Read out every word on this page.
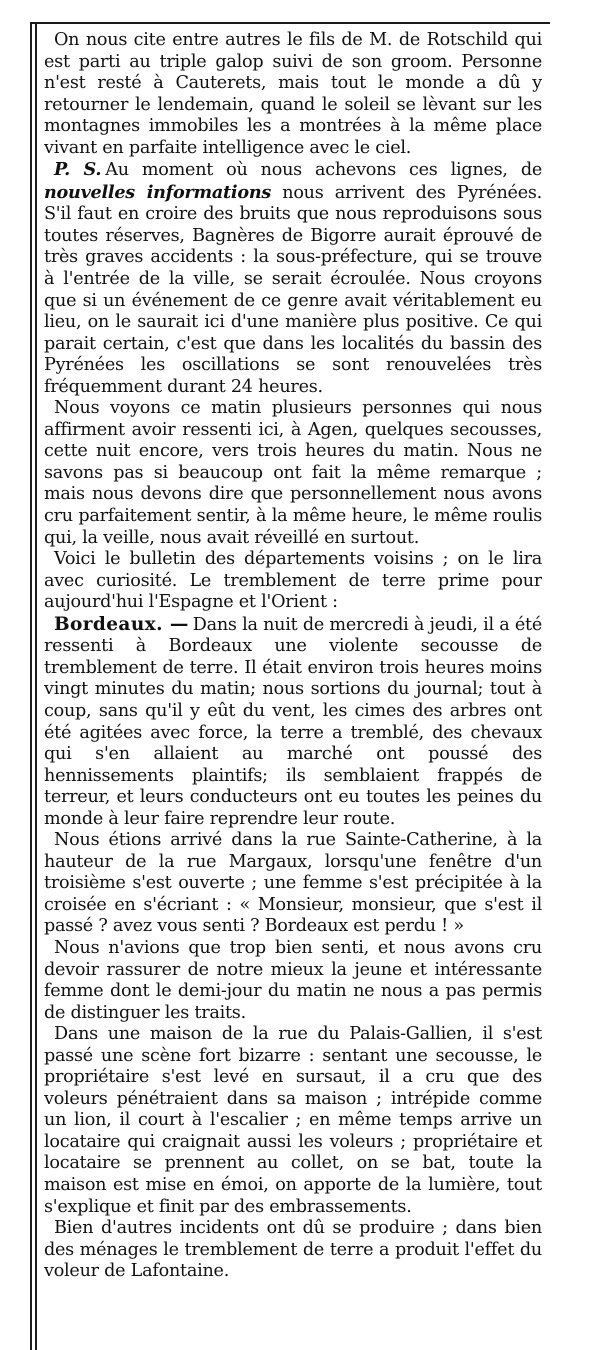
On nous cite entre autres le fils de M. de Rotschild qui est parti au triple galop suivi de son groom. Personne n'est resté à Cauterets, mais tout le monde a dû y retourner le lendemain, quand le soleil se lèvant sur les montagnes immobiles les a montrées à la même place vivant en parfaite intelligence avec le ciel.

P. S. Au moment où nous achevons ces lignes, de nouvelles informations nous arrivent des Pyrénées. S'il faut en croire des bruits que nous reproduisons sous toutes réserves, Bagnères de Bigorre aurait éprouvé de très graves accidents : la sous-préfecture, qui se trouve à l'entrée de la ville, se serait écroulée. Nous croyons que si un événement de ce genre avait véritablement eu lieu, on le saurait ici d'une manière plus positive. Ce qui parait certain, c'est que dans les localités du bassin des Pyrénées les oscillations se sont renouvelées très fréquemment durant 24 heures.

Nous voyons ce matin plusieurs personnes qui nous affirment avoir ressenti ici, à Agen, quelques secousses, cette nuit encore, vers trois heures du matin. Nous ne savons pas si beaucoup ont fait la même remarque ; mais nous devons dire que personnellement nous avons cru parfaitement sentir, à la même heure, le même roulis qui, la veille, nous avait réveillé en surtout.

Voici le bulletin des départements voisins ; on le lira avec curiosité. Le tremblement de terre prime pour aujourd'hui l'Espagne et l'Orient :

Bordeaux. — Dans la nuit de mercredi à jeudi, il a été ressenti à Bordeaux une violente secousse de tremblement de terre. Il était environ trois heures moins vingt minutes du matin; nous sortions du journal; tout à coup, sans qu'il y eût du vent, les cimes des arbres ont été agitées avec force, la terre a tremblé, des chevaux qui s'en allaient au marché ont poussé des hennissements plaintifs; ils semblaient frappés de terreur, et leurs conducteurs ont eu toutes les peines du monde à leur faire reprendre leur route.

Nous étions arrivé dans la rue Sainte-Catherine, à la hauteur de la rue Margaux, lorsqu'une fenêtre d'un troisième s'est ouverte ; une femme s'est précipitée à la croisée en s'écriant : « Monsieur, monsieur, que s'est il passé ? avez vous senti ? Bordeaux est perdu ! »

Nous n'avions que trop bien senti, et nous avons cru devoir rassurer de notre mieux la jeune et intéressante femme dont le demi-jour du matin ne nous a pas permis de distinguer les traits.

Dans une maison de la rue du Palais-Gallien, il s'est passé une scène fort bizarre : sentant une secousse, le propriétaire s'est levé en sursaut, il a cru que des voleurs pénétraient dans sa maison ; intrépide comme un lion, il court à l'escalier ; en même temps arrive un locataire qui craignait aussi les voleurs ; propriétaire et locataire se prennent au collet, on se bat, toute la maison est mise en émoi, on apporte de la lumière, tout s'explique et finit par des embrassements.

Bien d'autres incidents ont dû se produire ; dans bien des ménages le tremblement de terre a produit l'effet du voleur de Lafontaine.
